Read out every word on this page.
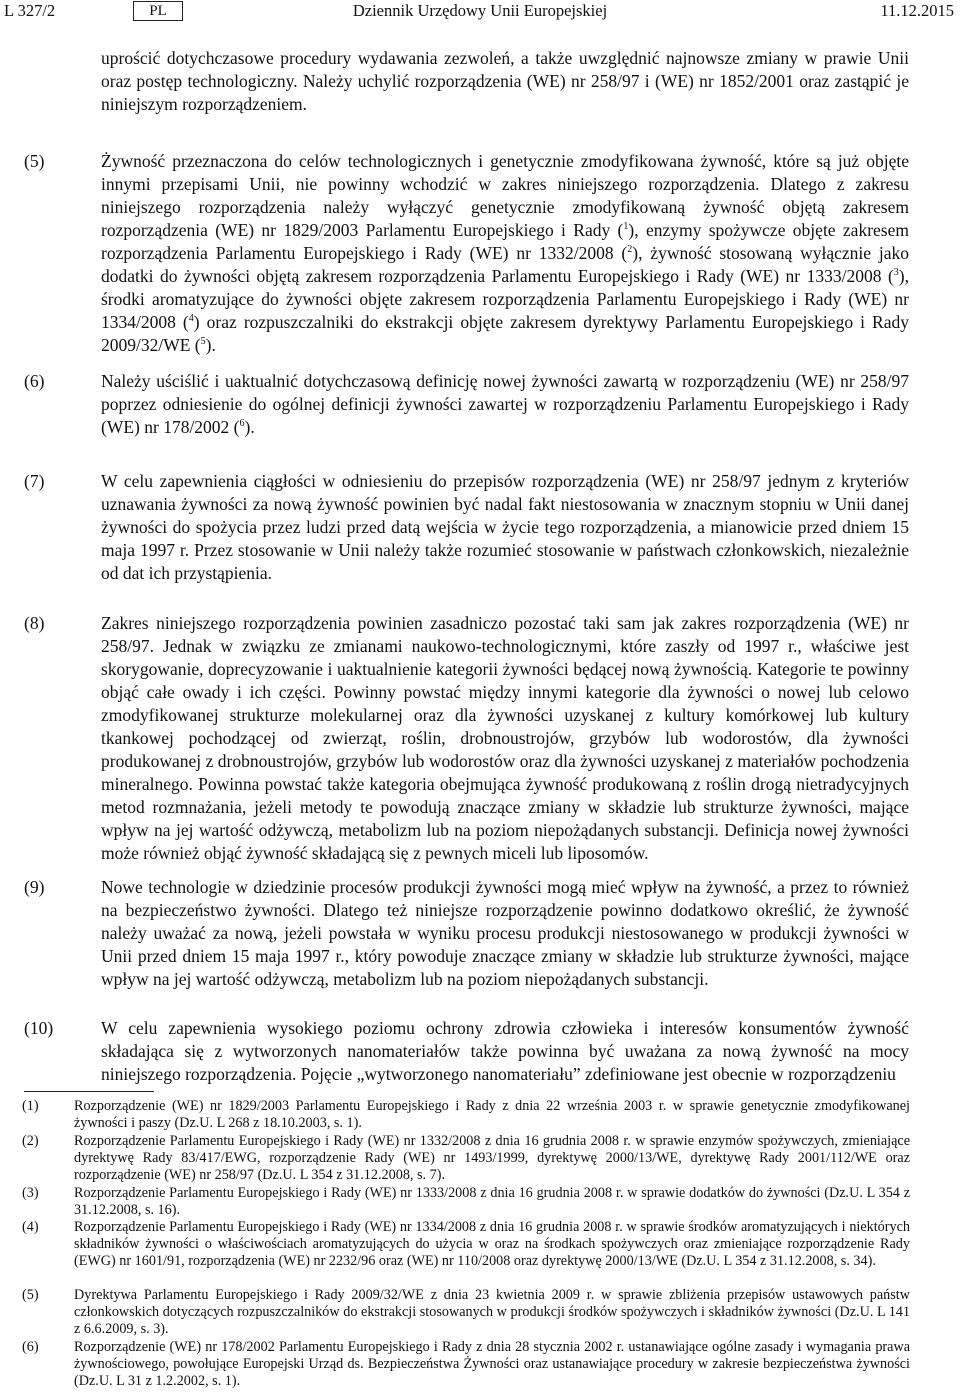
L 327/2	PL	Dziennik Urzędowy Unii Europejskiej	11.12.2015

uprościć dotychczasowe procedury wydawania zezwoleń, a także uwzględnić najnowsze zmiany w prawie Unii oraz postęp technologiczny. Należy uchylić rozporządzenia (WE) nr 258/97 i (WE) nr 1852/2001 oraz zastąpić je niniejszym rozporządzeniem.

(5)	Żywność przeznaczona do celów technologicznych i genetycznie zmodyfikowana żywność, które są już objęte innymi przepisami Unii, nie powinny wchodzić w zakres niniejszego rozporządzenia. Dlatego z zakresu niniejszego rozporządzenia należy wyłączyć genetycznie zmodyfikowaną żywność objętą zakresem rozporządzenia (WE) nr 1829/2003 Parlamentu Europejskiego i Rady ($^1$), enzymy spożywcze objęte zakresem rozporządzenia Parlamentu Europejskiego i Rady (WE) nr 1332/2008 ($^2$), żywność stosowaną wyłącznie jako dodatki do żywności objętą zakresem rozporządzenia Parlamentu Europejskiego i Rady (WE) nr 1333/2008 ($^3$), środki aromatyzujące do żywności objęte zakresem rozporządzenia Parlamentu Europejskiego i Rady (WE) nr 1334/2008 ($^4$) oraz rozpuszczalniki do ekstrakcji objęte zakresem dyrektywy Parlamentu Europejskiego i Rady 2009/32/WE ($^5$).

(6)	Należy uściślić i uaktualnić dotychczasową definicję nowej żywności zawartą w rozporządzeniu (WE) nr 258/97 poprzez odniesienie do ogólnej definicji żywności zawartej w rozporządzeniu Parlamentu Europejskiego i Rady (WE) nr 178/2002 ($^6$).

(7)	W celu zapewnienia ciągłości w odniesieniu do przepisów rozporządzenia (WE) nr 258/97 jednym z kryteriów uznawania żywności za nową żywność powinien być nadal fakt niestosowania w znacznym stopniu w Unii danej żywności do spożycia przez ludzi przed datą wejścia w życie tego rozporządzenia, a mianowicie przed dniem 15 maja 1997 r. Przez stosowanie w Unii należy także rozumieć stosowanie w państwach członkowskich, niezależnie od dat ich przystąpienia.

(8)	Zakres niniejszego rozporządzenia powinien zasadniczo pozostać taki sam jak zakres rozporządzenia (WE) nr 258/97. Jednak w związku ze zmianami naukowo-technologicznymi, które zaszły od 1997 r., właściwe jest skorygowanie, doprecyzowanie i uaktualnienie kategorii żywności będącej nową żywnością. Kategorie te powinny objąć całe owady i ich części. Powinny powstać między innymi kategorie dla żywności o nowej lub celowo zmodyfikowanej strukturze molekularnej oraz dla żywności uzyskanej z kultury komórkowej lub kultury tkankowej pochodzącej od zwierząt, roślin, drobnoustrojów, grzybów lub wodorostów, dla żywności produkowanej z drobnoustrojów, grzybów lub wodorostów oraz dla żywności uzyskanej z materiałów pochodzenia mineralnego. Powinna powstać także kategoria obejmująca żywność produkowaną z roślin drogą nietradycyjnych metod rozmnażania, jeżeli metody te powodują znaczące zmiany w składzie lub strukturze żywności, mające wpływ na jej wartość odżywczą, metabolizm lub na poziom niepożądanych substancji. Definicja nowej żywności może również objąć żywność składającą się z pewnych miceli lub liposomów.

(9)	Nowe technologie w dziedzinie procesów produkcji żywności mogą mieć wpływ na żywność, a przez to również na bezpieczeństwo żywności. Dlatego też niniejsze rozporządzenie powinno dodatkowo określić, że żywność należy uważać za nową, jeżeli powstała w wyniku procesu produkcji niestosowanego w produkcji żywności w Unii przed dniem 15 maja 1997 r., który powoduje znaczące zmiany w składzie lub strukturze żywności, mające wpływ na jej wartość odżywczą, metabolizm lub na poziom niepożądanych substancji.

(10)	W celu zapewnienia wysokiego poziomu ochrony zdrowia człowieka i interesów konsumentów żywność składająca się z wytworzonych nanomateriałów także powinna być uważana za nową żywność na mocy niniejszego rozporządzenia. Pojęcie „wytworzonego nanomateriału” zdefiniowane jest obecnie w rozporządzeniu

(1) Rozporządzenie (WE) nr 1829/2003 Parlamentu Europejskiego i Rady z dnia 22 września 2003 r. w sprawie genetycznie zmodyfikowanej żywności i paszy (Dz.U. L 268 z 18.10.2003, s. 1).

(2) Rozporządzenie Parlamentu Europejskiego i Rady (WE) nr 1332/2008 z dnia 16 grudnia 2008 r. w sprawie enzymów spożywczych, zmieniające dyrektywę Rady 83/417/EWG, rozporządzenie Rady (WE) nr 1493/1999, dyrektywę 2000/13/WE, dyrektywę Rady 2001/112/WE oraz rozporządzenie (WE) nr 258/97 (Dz.U. L 354 z 31.12.2008, s. 7).

(3) Rozporządzenie Parlamentu Europejskiego i Rady (WE) nr 1333/2008 z dnia 16 grudnia 2008 r. w sprawie dodatków do żywności (Dz.U. L 354 z 31.12.2008, s. 16).

(4) Rozporządzenie Parlamentu Europejskiego i Rady (WE) nr 1334/2008 z dnia 16 grudnia 2008 r. w sprawie środków aromatyzujących i niektórych składników żywności o właściwościach aromatyzujących do użycia w oraz na środkach spożywczych oraz zmieniające rozporządzenie Rady (EWG) nr 1601/91, rozporządzenia (WE) nr 2232/96 oraz (WE) nr 110/2008 oraz dyrektywę 2000/13/WE (Dz.U. L 354 z 31.12.2008, s. 34).

(5) Dyrektywa Parlamentu Europejskiego i Rady 2009/32/WE z dnia 23 kwietnia 2009 r. w sprawie zbliżenia przepisów ustawowych państw członkowskich dotyczących rozpuszczalników do ekstrakcji stosowanych w produkcji środków spożywczych i składników żywności (Dz.U. L 141 z 6.6.2009, s. 3).

(6) Rozporządzenie (WE) nr 178/2002 Parlamentu Europejskiego i Rady z dnia 28 stycznia 2002 r. ustanawiające ogólne zasady i wymagania prawa żywnościowego, powołujące Europejski Urząd ds. Bezpieczeństwa Żywności oraz ustanawiające procedury w zakresie bezpieczeństwa żywności (Dz.U. L 31 z 1.2.2002, s. 1).
